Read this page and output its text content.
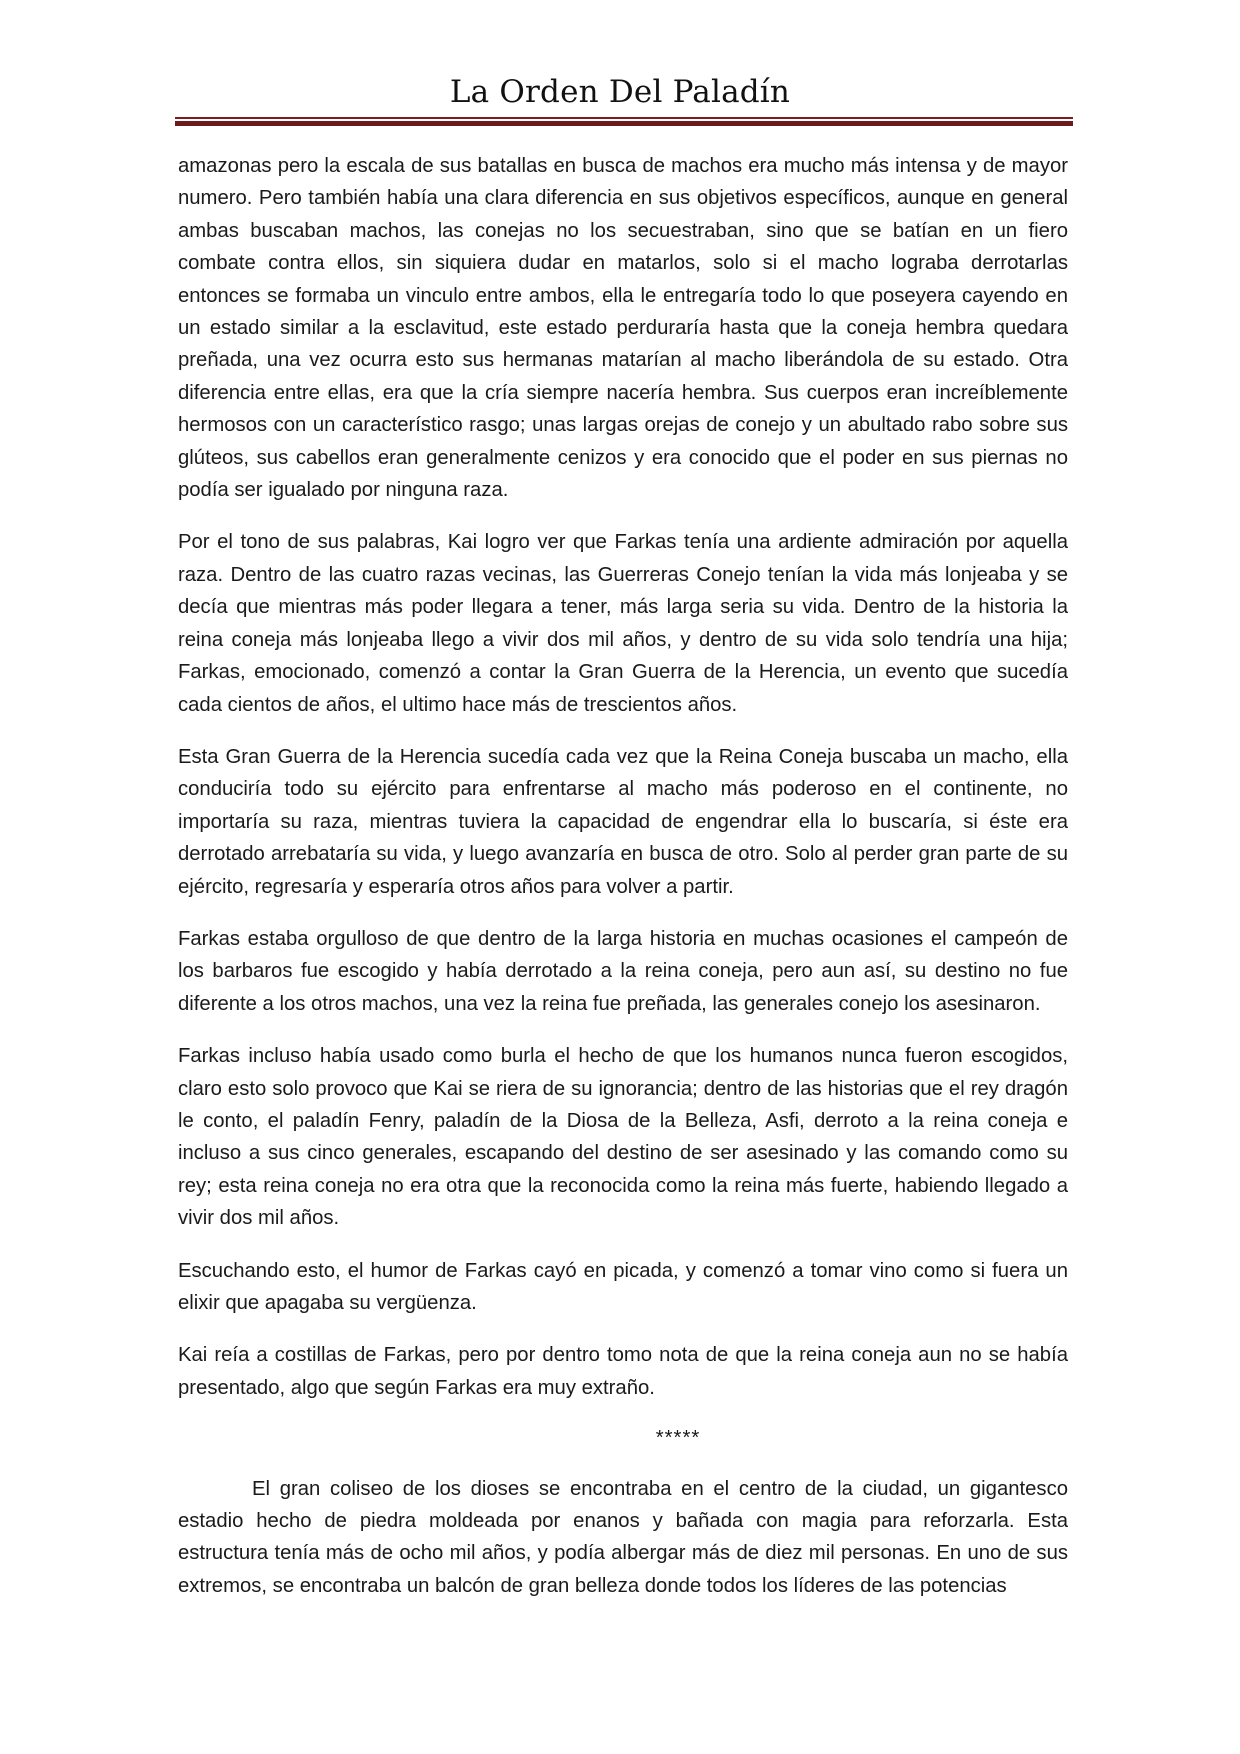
La Orden Del Paladín

amazonas pero la escala de sus batallas en busca de machos era mucho más intensa y de mayor numero. Pero también había una clara diferencia en sus objetivos específicos, aunque en general ambas buscaban machos, las conejas no los secuestraban, sino que se batían en un fiero combate contra ellos, sin siquiera dudar en matarlos, solo si el macho lograba derrotarlas entonces se formaba un vinculo entre ambos, ella le entregaría todo lo que poseyera cayendo en un estado similar a la esclavitud, este estado perduraría hasta que la coneja hembra quedara preñada, una vez ocurra esto sus hermanas matarían al macho liberándola de su estado. Otra diferencia entre ellas, era que la cría siempre nacería hembra. Sus cuerpos eran increíblemente hermosos con un característico rasgo; unas largas orejas de conejo y un abultado rabo sobre sus glúteos, sus cabellos eran generalmente cenizos y era conocido que el poder en sus piernas no podía ser igualado por ninguna raza.

Por el tono de sus palabras, Kai logro ver que Farkas tenía una ardiente admiración por aquella raza. Dentro de las cuatro razas vecinas, las Guerreras Conejo tenían la vida más lonjeaba y se decía que mientras más poder llegara a tener, más larga seria su vida. Dentro de la historia la reina coneja más lonjeaba llego a vivir dos mil años, y dentro de su vida solo tendría una hija; Farkas, emocionado, comenzó a contar la Gran Guerra de la Herencia, un evento que sucedía cada cientos de años, el ultimo hace más de trescientos años.

Esta Gran Guerra de la Herencia sucedía cada vez que la Reina Coneja buscaba un macho, ella conduciría todo su ejército para enfrentarse al macho más poderoso en el continente, no importaría su raza, mientras tuviera la capacidad de engendrar ella lo buscaría, si éste era derrotado arrebataría su vida, y luego avanzaría en busca de otro. Solo al perder gran parte de su ejército, regresaría y esperaría otros años para volver a partir.

Farkas estaba orgulloso de que dentro de la larga historia en muchas ocasiones el campeón de los barbaros fue escogido y había derrotado a la reina coneja, pero aun así, su destino no fue diferente a los otros machos, una vez la reina fue preñada, las generales conejo los asesinaron.

Farkas incluso había usado como burla el hecho de que los humanos nunca fueron escogidos, claro esto solo provoco que Kai se riera de su ignorancia; dentro de las historias que el rey dragón le conto, el paladín Fenry, paladín de la Diosa de la Belleza, Asfi, derroto a la reina coneja e incluso a sus cinco generales, escapando del destino de ser asesinado y las comando como su rey; esta reina coneja no era otra que la reconocida como la reina más fuerte, habiendo llegado a vivir dos mil años.

Escuchando esto, el humor de Farkas cayó en picada, y comenzó a tomar vino como si fuera un elixir que apagaba su vergüenza.

Kai reía a costillas de Farkas, pero por dentro tomo nota de que la reina coneja aun no se había presentado, algo que según Farkas era muy extraño.

*****

El gran coliseo de los dioses se encontraba en el centro de la ciudad, un gigantesco estadio hecho de piedra moldeada por enanos y bañada con magia para reforzarla. Esta estructura tenía más de ocho mil años, y podía albergar más de diez mil personas. En uno de sus extremos, se encontraba un balcón de gran belleza donde todos los líderes de las potencias
